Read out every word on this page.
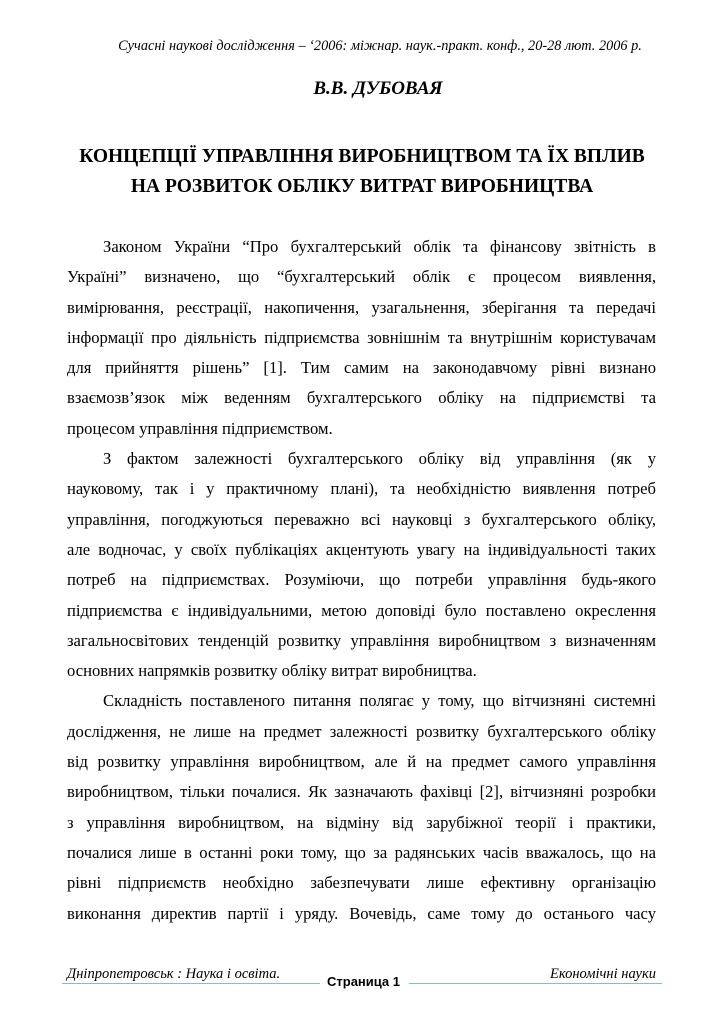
Сучасні наукові дослідження – ‘2006: міжнар. наук.-практ. конф., 20-28 лют. 2006 р.
В.В. ДУБОВАЯ
КОНЦЕПЦІЇ УПРАВЛІННЯ ВИРОБНИЦТВОМ ТА ЇХ ВПЛИВ
НА РОЗВИТОК ОБЛІКУ ВИТРАТ ВИРОБНИЦТВА
Законом України “Про бухгалтерський облік та фінансову звітність в
Україні” визначено, що “бухгалтерський облік є процесом виявлення,
вимірювання, реєстрації, накопичення, узагальнення, зберігання та передачі
інформації про діяльність підприємства зовнішнім та внутрішнім користувачам
для прийняття рішень” [1]. Тим самим на законодавчому рівні визнано
взаємозв’язок між веденням бухгалтерського обліку на підприємстві та
процесом управління підприємством.
З фактом залежності бухгалтерського обліку від управління (як у
науковому, так і у практичному плані), та необхідністю виявлення потреб
управління, погоджуються переважно всі науковці з бухгалтерського обліку,
але водночас, у своїх публікаціях акцентують увагу на індивідуальності таких
потреб на підприємствах. Розуміючи, що потреби управління будь-якого
підприємства є індивідуальними, метою доповіді було поставлено окреслення
загальносвітових тенденцій розвитку управління виробництвом з визначенням
основних напрямків розвитку обліку витрат виробництва.
Складність поставленого питання полягає у тому, що вітчизняні системні
дослідження, не лише на предмет залежності розвитку бухгалтерського обліку
від розвитку управління виробництвом, але й на предмет самого управління
виробництвом, тільки почалися. Як зазначають фахівці [2], вітчизняні розробки
з управління виробництвом, на відміну від зарубіжної теорії і практики,
почалися лише в останні роки тому, що за радянських часів вважалось, що на
рівні підприємств необхідно забезпечувати лише ефективну організацію
виконання директив партії і уряду. Вочевідь, саме тому до останього часу
Дніпропетровськ : Наука і освіта.	Страница 1	Економічні науки
